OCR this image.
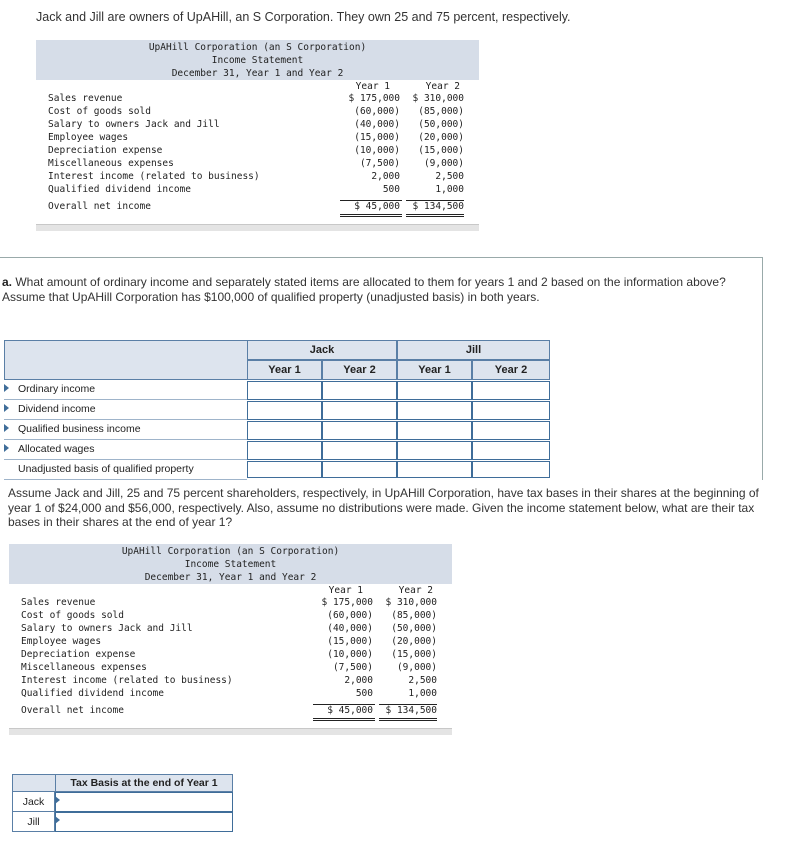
Jack and Jill are owners of UpAHill, an S Corporation. They own 25 and 75 percent, respectively.
UpAHill Corporation (an S Corporation)
Income Statement
December 31, Year 1 and Year 2
Year 1	Year 2
Sales revenue	$ 175,000	$ 310,000
Cost of goods sold	(60,000)	(85,000)
Salary to owners Jack and Jill	(40,000)	(50,000)
Employee wages	(15,000)	(20,000)
Depreciation expense	(10,000)	(15,000)
Miscellaneous expenses	(7,500)	(9,000)
Interest income (related to business)	2,000	2,500
Qualified dividend income	500	1,000
Overall net income	$ 45,000	$ 134,500
a. What amount of ordinary income and separately stated items are allocated to them for years 1 and 2 based on the information above? Assume that UpAHill Corporation has $100,000 of qualified property (unadjusted basis) in both years.
Jack	Jill
Year 1	Year 2	Year 1	Year 2
Ordinary income
Dividend income
Qualified business income
Allocated wages
Unadjusted basis of qualified property
Assume Jack and Jill, 25 and 75 percent shareholders, respectively, in UpAHill Corporation, have tax bases in their shares at the beginning of year 1 of $24,000 and $56,000, respectively. Also, assume no distributions were made. Given the income statement below, what are their tax bases in their shares at the end of year 1?
UpAHill Corporation (an S Corporation)
Income Statement
December 31, Year 1 and Year 2
Year 1	Year 2
Sales revenue	$ 175,000	$ 310,000
Cost of goods sold	(60,000)	(85,000)
Salary to owners Jack and Jill	(40,000)	(50,000)
Employee wages	(15,000)	(20,000)
Depreciation expense	(10,000)	(15,000)
Miscellaneous expenses	(7,500)	(9,000)
Interest income (related to business)	2,000	2,500
Qualified dividend income	500	1,000
Overall net income	$ 45,000	$ 134,500
Tax Basis at the end of Year 1
Jack
Jill
